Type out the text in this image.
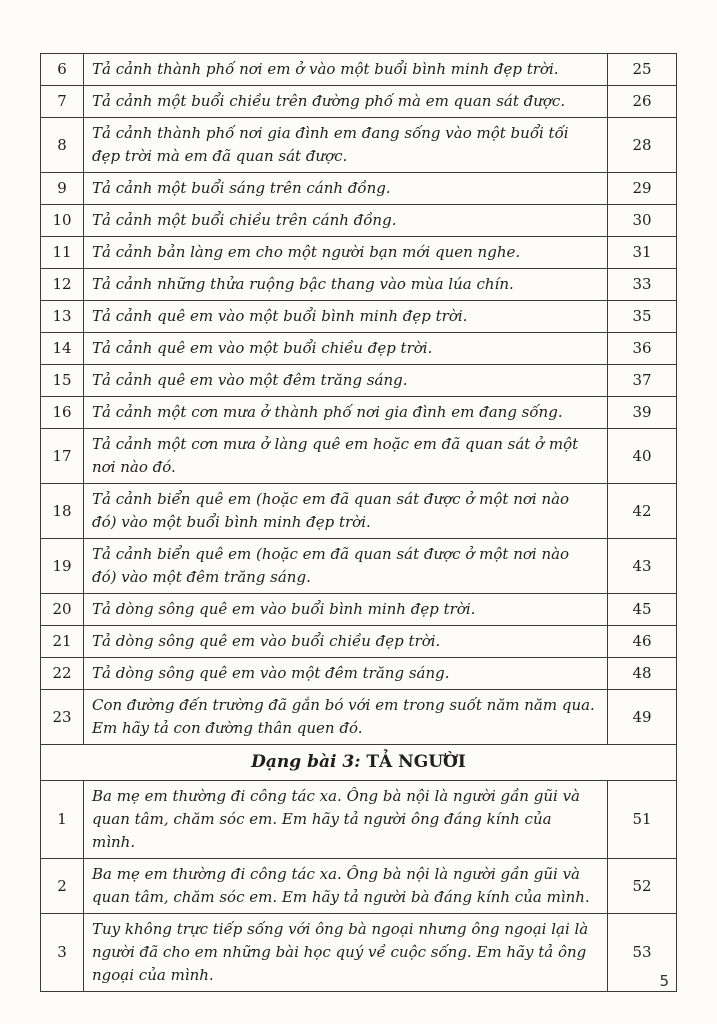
6	Tả cảnh thành phố nơi em ở vào một buổi bình minh đẹp trời.	25
7	Tả cảnh một buổi chiều trên đường phố mà em quan sát được.	26
8	Tả cảnh thành phố nơi gia đình em đang sống vào một buổi tối đẹp trời mà em đã quan sát được.	28
9	Tả cảnh một buổi sáng trên cánh đồng.	29
10	Tả cảnh một buổi chiều trên cánh đồng.	30
11	Tả cảnh bản làng em cho một người bạn mới quen nghe.	31
12	Tả cảnh những thửa ruộng bậc thang vào mùa lúa chín.	33
13	Tả cảnh quê em vào một buổi bình minh đẹp trời.	35
14	Tả cảnh quê em vào một buổi chiều đẹp trời.	36
15	Tả cảnh quê em vào một đêm trăng sáng.	37
16	Tả cảnh một cơn mưa ở thành phố nơi gia đình em đang sống.	39
17	Tả cảnh một cơn mưa ở làng quê em hoặc em đã quan sát ở một nơi nào đó.	40
18	Tả cảnh biển quê em (hoặc em đã quan sát được ở một nơi nào đó) vào một buổi bình minh đẹp trời.	42
19	Tả cảnh biển quê em (hoặc em đã quan sát được ở một nơi nào đó) vào một đêm trăng sáng.	43
20	Tả dòng sông quê em vào buổi bình minh đẹp trời.	45
21	Tả dòng sông quê em vào buổi chiều đẹp trời.	46
22	Tả dòng sông quê em vào một đêm trăng sáng.	48
23	Con đường đến trường đã gắn bó với em trong suốt năm năm qua. Em hãy tả con đường thân quen đó.	49
Dạng bài 3: TẢ NGƯỜI		
1	Ba mẹ em thường đi công tác xa. Ông bà nội là người gần gũi và quan tâm, chăm sóc em. Em hãy tả người ông đáng kính của mình.	51
2	Ba mẹ em thường đi công tác xa. Ông bà nội là người gần gũi và quan tâm, chăm sóc em. Em hãy tả người bà đáng kính của mình.	52
3	Tuy không trực tiếp sống với ông bà ngoại nhưng ông ngoại lại là người đã cho em những bài học quý về cuộc sống. Em hãy tả ông ngoại của mình.	53
5
